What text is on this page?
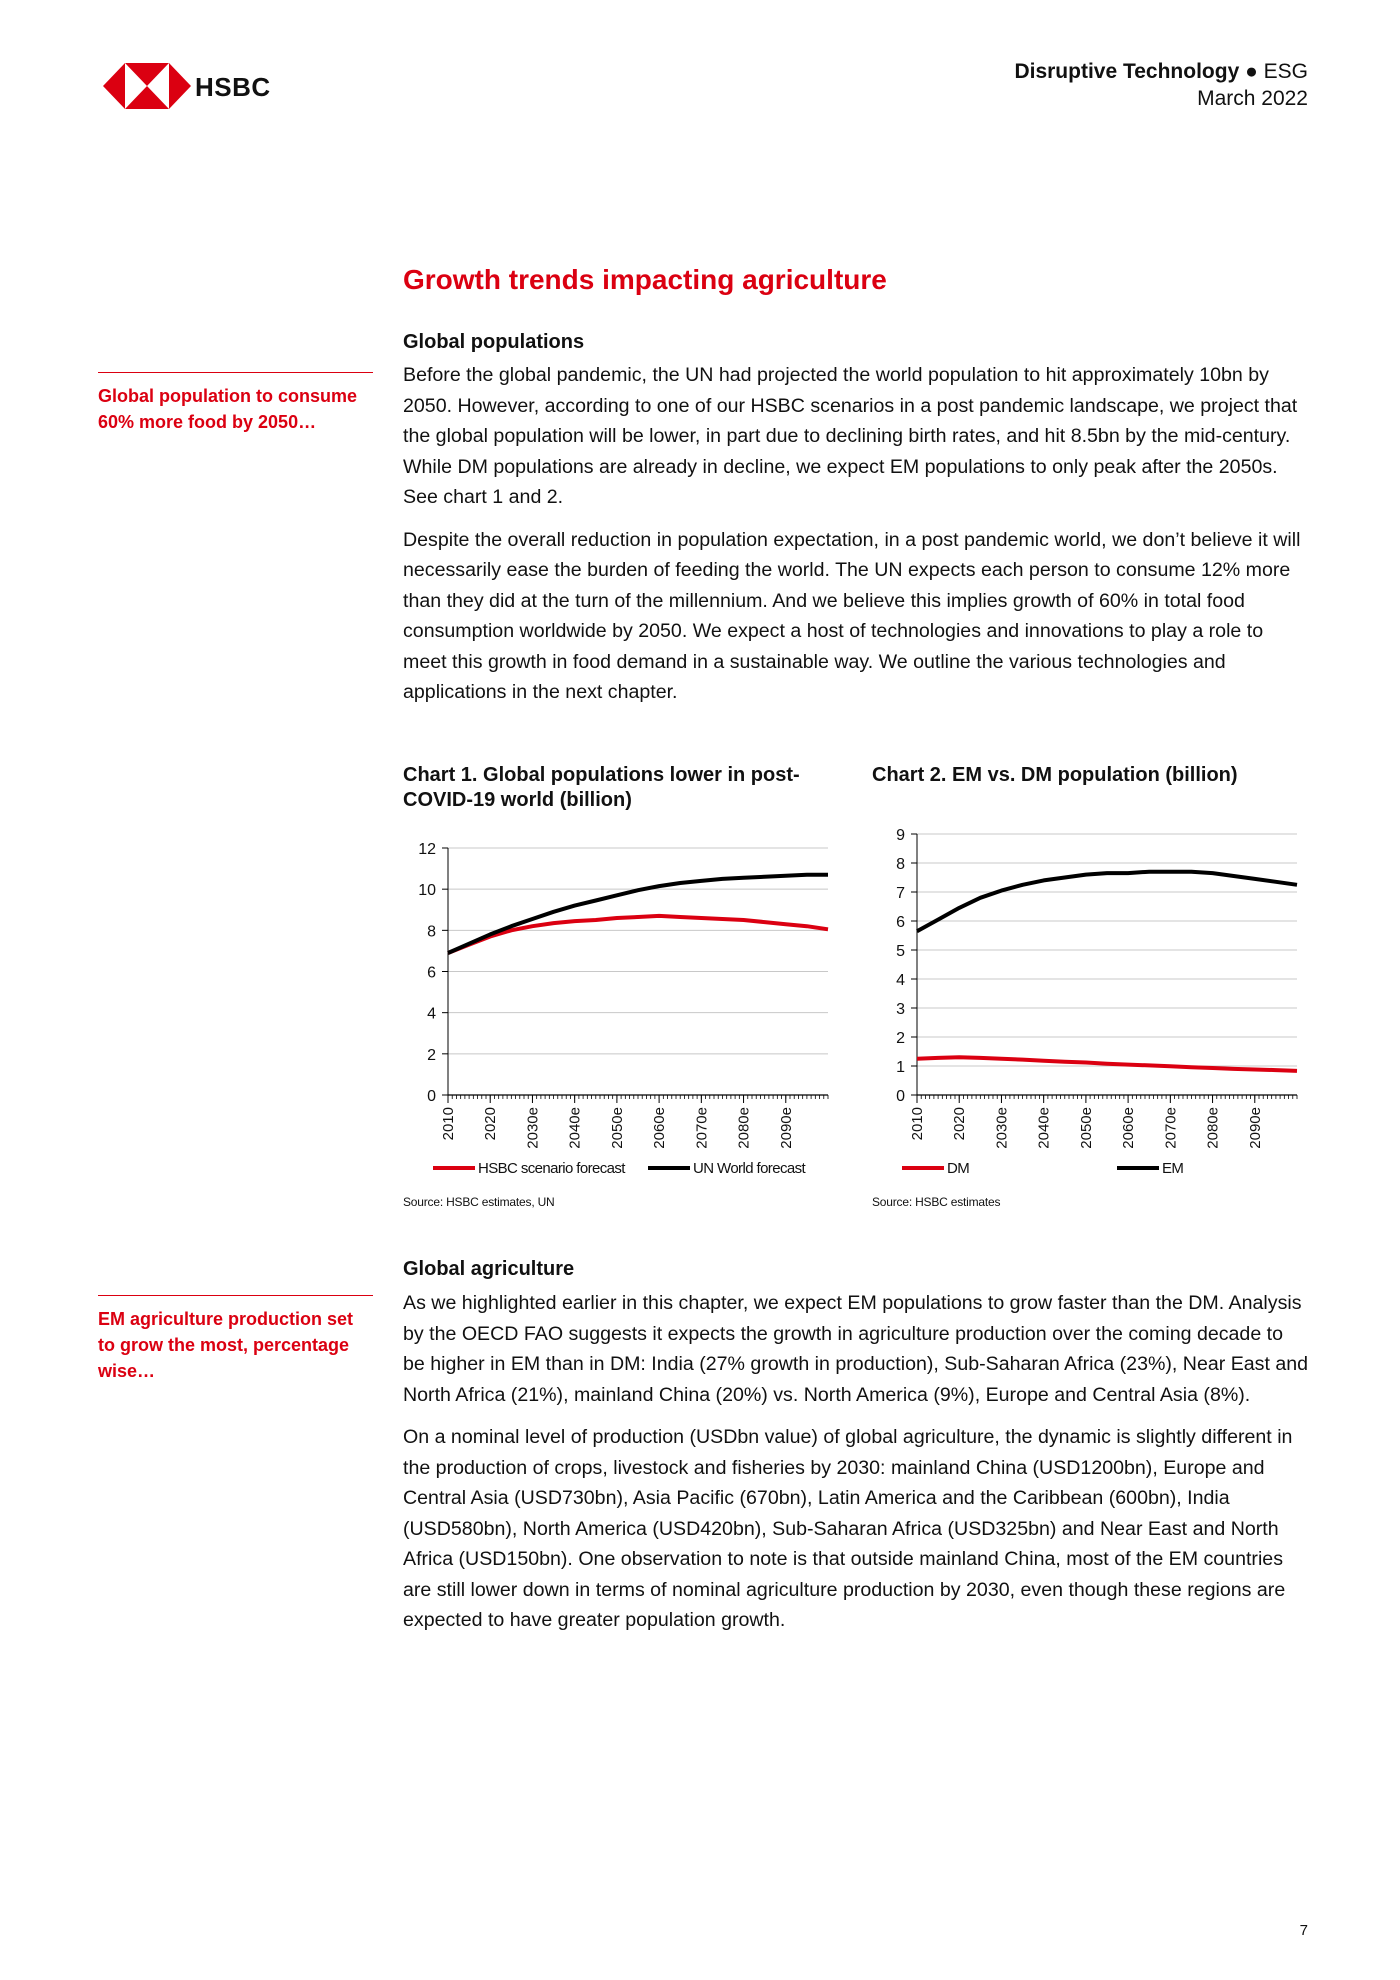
HSBC
Disruptive Technology ● ESG
March 2022
Growth trends impacting agriculture
Global population to consume 60% more food by 2050…
Global populations

Before the global pandemic, the UN had projected the world population to hit approximately 10bn by 2050. However, according to one of our HSBC scenarios in a post pandemic landscape, we project that the global population will be lower, in part due to declining birth rates, and hit 8.5bn by the mid-century. While DM populations are already in decline, we expect EM populations to only peak after the 2050s. See chart 1 and 2.

Despite the overall reduction in population expectation, in a post pandemic world, we don’t believe it will necessarily ease the burden of feeding the world. The UN expects each person to consume 12% more than they did at the turn of the millennium. And we believe this implies growth of 60% in total food consumption worldwide by 2050. We expect a host of technologies and innovations to play a role to meet this growth in food demand in a sustainable way. We outline the various technologies and applications in the next chapter.

Chart 1. Global populations lower in post-COVID-19 world (billion)
0
2
4
6
8
10
12
2010 2020 2030e 2040e 2050e 2060e 2070e 2080e 2090e
HSBC scenario forecast	UN World forecast
Source: HSBC estimates, UN
Chart 2. EM vs. DM population (billion)
0
1
2
3
4
5
6
7
8
9
2010 2020 2030e 2040e 2050e 2060e 2070e 2080e 2090e
DM	EM
Source: HSBC estimates
EM agriculture production set to grow the most, percentage wise…
Global agriculture

As we highlighted earlier in this chapter, we expect EM populations to grow faster than the DM. Analysis by the OECD FAO suggests it expects the growth in agriculture production over the coming decade to be higher in EM than in DM: India (27% growth in production), Sub-Saharan Africa (23%), Near East and North Africa (21%), mainland China (20%) vs. North America (9%), Europe and Central Asia (8%).

On a nominal level of production (USDbn value) of global agriculture, the dynamic is slightly different in the production of crops, livestock and fisheries by 2030: mainland China (USD1200bn), Europe and Central Asia (USD730bn), Asia Pacific (670bn), Latin America and the Caribbean (600bn), India (USD580bn), North America (USD420bn), Sub-Saharan Africa (USD325bn) and Near East and North Africa (USD150bn). One observation to note is that outside mainland China, most of the EM countries are still lower down in terms of nominal agriculture production by 2030, even though these regions are expected to have greater population growth.

7
